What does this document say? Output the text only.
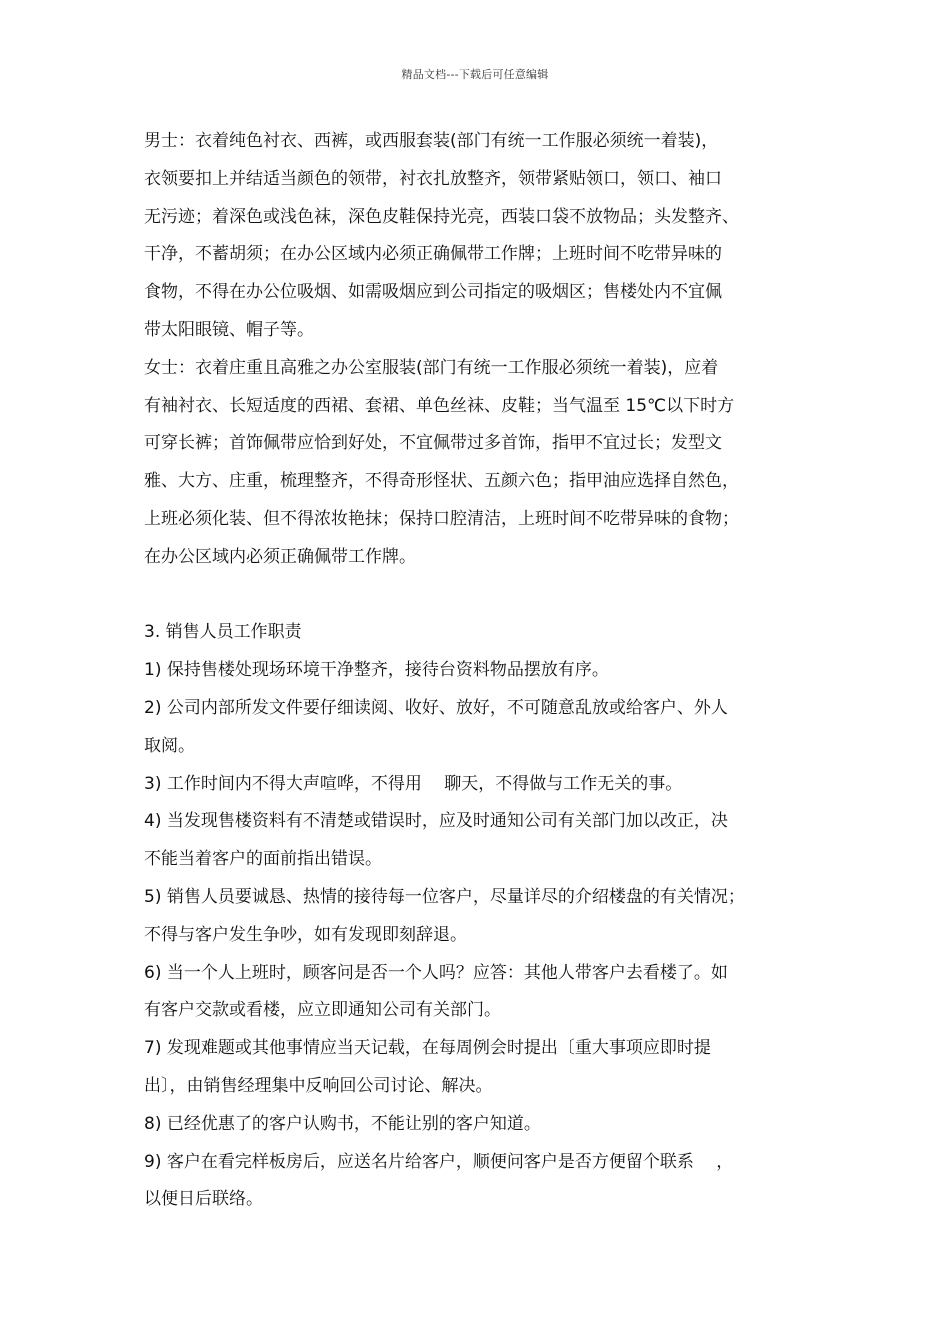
精品文档---下载后可任意编辑
男士：衣着纯色衬衣、西裤，或西服套装(部门有统一工作服必须统一着装)，
衣领要扣上并结适当颜色的领带，衬衣扎放整齐，领带紧贴领口，领口、袖口
无污迹；着深色或浅色袜，深色皮鞋保持光亮，西装口袋不放物品；头发整齐、
干净，不蓄胡须；在办公区域内必须正确佩带工作牌；上班时间不吃带异味的
食物，不得在办公位吸烟、如需吸烟应到公司指定的吸烟区；售楼处内不宜佩
带太阳眼镜、帽子等。
女士：衣着庄重且高雅之办公室服装(部门有统一工作服必须统一着装)，应着
有袖衬衣、长短适度的西裙、套裙、单色丝袜、皮鞋；当气温至 15℃以下时方
可穿长裤；首饰佩带应恰到好处，不宜佩带过多首饰，指甲不宜过长；发型文
雅、大方、庄重，梳理整齐，不得奇形怪状、五颜六色；指甲油应选择自然色，
上班必须化装、但不得浓妆艳抹；保持口腔清洁，上班时间不吃带异味的食物；
在办公区域内必须正确佩带工作牌。
3. 销售人员工作职责
1) 保持售楼处现场环境干净整齐，接待台资料物品摆放有序。
2) 公司内部所发文件要仔细读阅、收好、放好，不可随意乱放或给客户、外人
取阅。
3) 工作时间内不得大声喧哗，不得用　 聊天，不得做与工作无关的事。
4) 当发现售楼资料有不清楚或错误时，应及时通知公司有关部门加以改正，决
不能当着客户的面前指出错误。
5) 销售人员要诚恳、热情的接待每一位客户，尽量详尽的介绍楼盘的有关情况；
不得与客户发生争吵，如有发现即刻辞退。
6) 当一个人上班时，顾客问是否一个人吗？应答：其他人带客户去看楼了。如
有客户交款或看楼，应立即通知公司有关部门。
7) 发现难题或其他事情应当天记载，在每周例会时提出〔重大事项应即时提
出〕，由销售经理集中反响回公司讨论、解决。
8) 已经优惠了的客户认购书，不能让别的客户知道。
9) 客户在看完样板房后，应送名片给客户，顺便问客户是否方便留个联系　 ，
以便日后联络。
